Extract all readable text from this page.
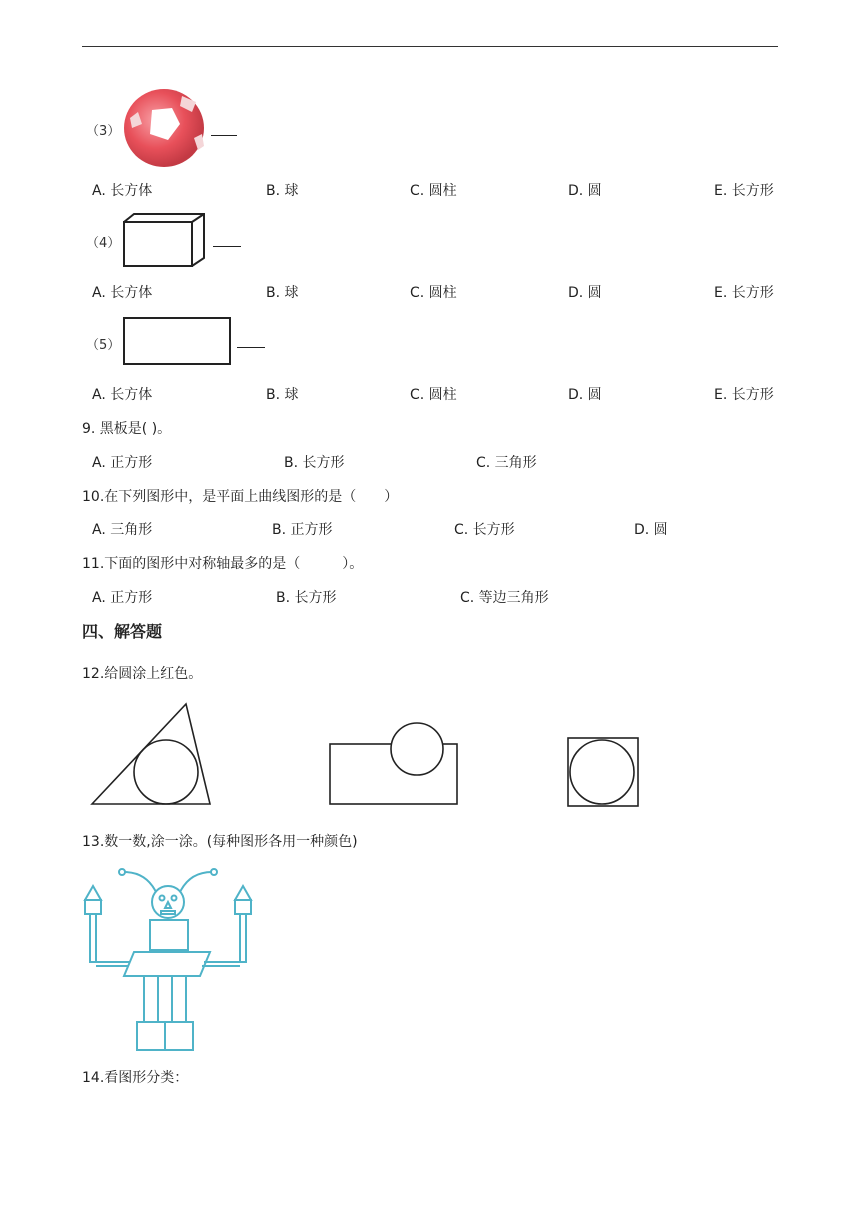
（3）
A. 长方体	B. 球	C. 圆柱	D. 圆	E. 长方形
（4）
A. 长方体	B. 球	C. 圆柱	D. 圆	E. 长方形
（5）
A. 长方体	B. 球	C. 圆柱	D. 圆	E. 长方形
9. 黑板是( )。
A. 正方形	B. 长方形	C. 三角形
10.在下列图形中，是平面上曲线图形的是（　　）
A. 三角形	B. 正方形	C. 长方形	D. 圆
11.下面的图形中对称轴最多的是（　　　）。
A. 正方形	B. 长方形	C. 等边三角形
四、解答题
12.给圆涂上红色。
13.数一数,涂一涂。(每种图形各用一种颜色)
14.看图形分类：
